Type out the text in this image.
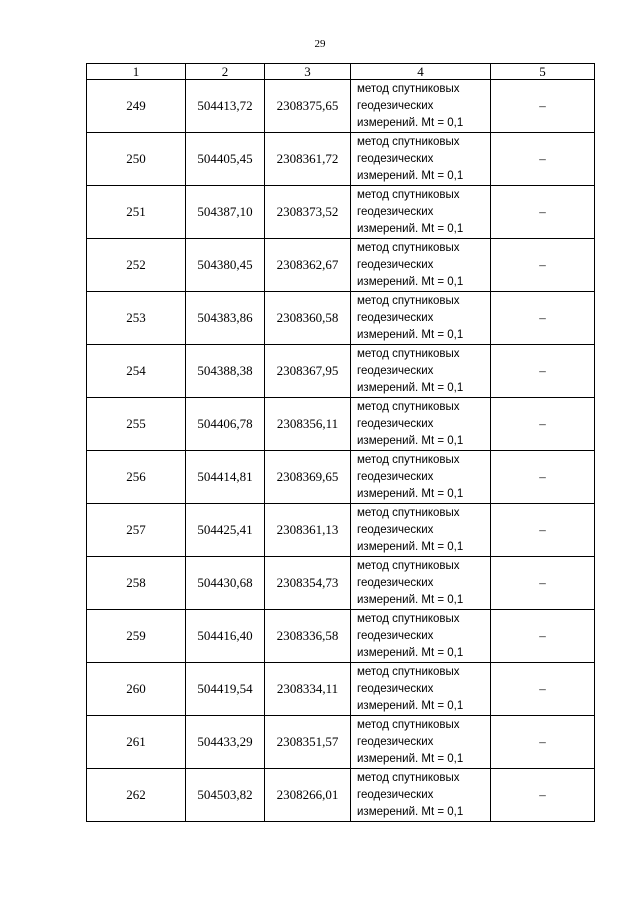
29
1	2	3	4	5
249	504413,72	2308375,65	метод спутниковых
геодезических
измерений. Mt = 0,1	–
250	504405,45	2308361,72	метод спутниковых
геодезических
измерений. Mt = 0,1	–
251	504387,10	2308373,52	метод спутниковых
геодезических
измерений. Mt = 0,1	–
252	504380,45	2308362,67	метод спутниковых
геодезических
измерений. Mt = 0,1	–
253	504383,86	2308360,58	метод спутниковых
геодезических
измерений. Mt = 0,1	–
254	504388,38	2308367,95	метод спутниковых
геодезических
измерений. Mt = 0,1	–
255	504406,78	2308356,11	метод спутниковых
геодезических
измерений. Mt = 0,1	–
256	504414,81	2308369,65	метод спутниковых
геодезических
измерений. Mt = 0,1	–
257	504425,41	2308361,13	метод спутниковых
геодезических
измерений. Mt = 0,1	–
258	504430,68	2308354,73	метод спутниковых
геодезических
измерений. Mt = 0,1	–
259	504416,40	2308336,58	метод спутниковых
геодезических
измерений. Mt = 0,1	–
260	504419,54	2308334,11	метод спутниковых
геодезических
измерений. Mt = 0,1	–
261	504433,29	2308351,57	метод спутниковых
геодезических
измерений. Mt = 0,1	–
262	504503,82	2308266,01	метод спутниковых
геодезических
измерений. Mt = 0,1	–
